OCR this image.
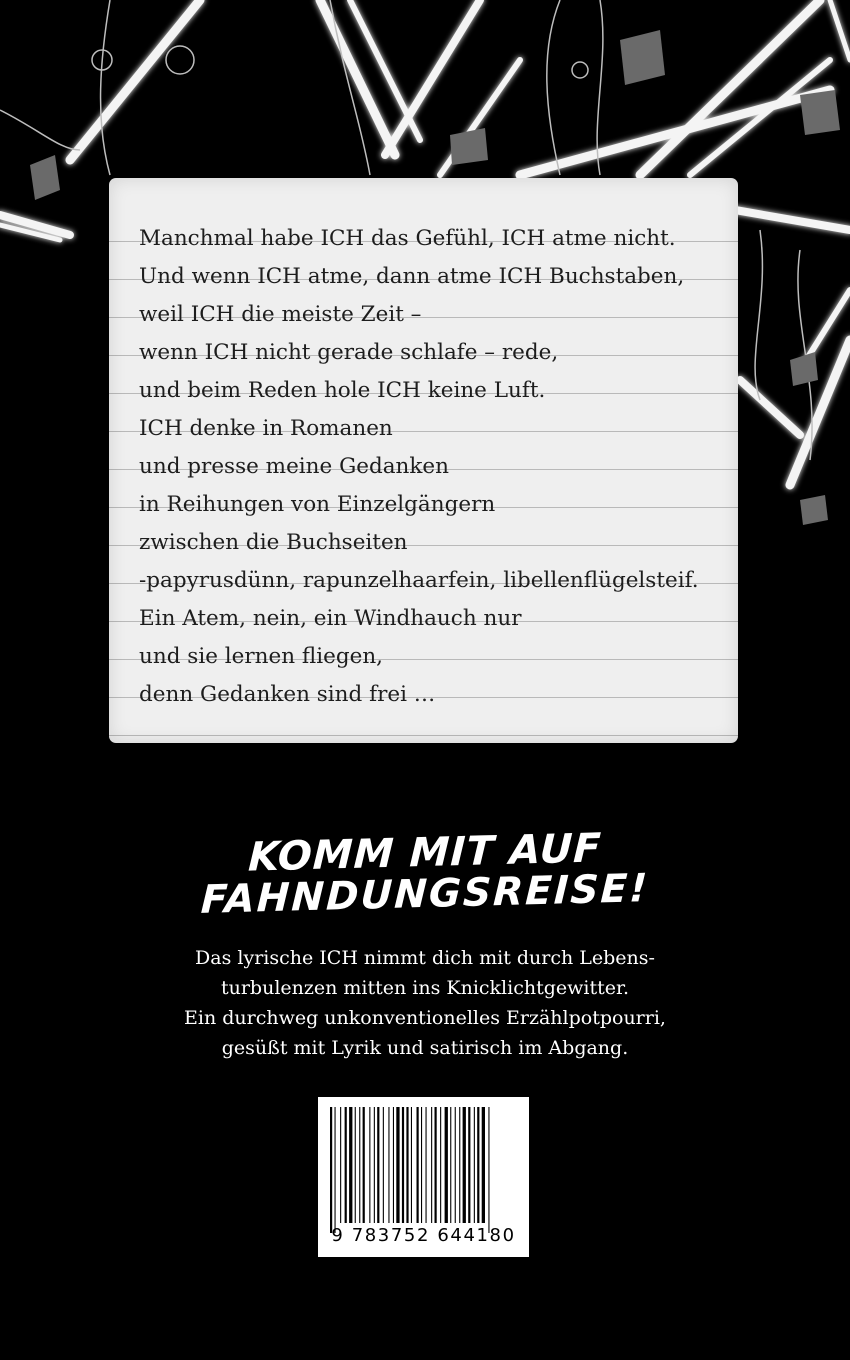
Manchmal habe ICH das Gefühl, ICH atme nicht.
Und wenn ICH atme, dann atme ICH Buchstaben,
weil ICH die meiste Zeit –
wenn ICH nicht gerade schlafe – rede,
und beim Reden hole ICH keine Luft.
ICH denke in Romanen
und presse meine Gedanken
in Reihungen von Einzelgängern
zwischen die Buchseiten
-papyrusdünn, rapunzelhaarfein, libellenflügelsteif.
Ein Atem, nein, ein Windhauch nur
und sie lernen fliegen,
denn Gedanken sind frei …
KOMM MIT AUF
FAHNDUNGSREISE!
Das lyrische ICH nimmt dich mit durch Lebens-
turbulenzen mitten ins Knicklichtgewitter.
Ein durchweg unkonventionelles Erzählpotpourri,
gesüßt mit Lyrik und satirisch im Abgang.
9 783752 644180
